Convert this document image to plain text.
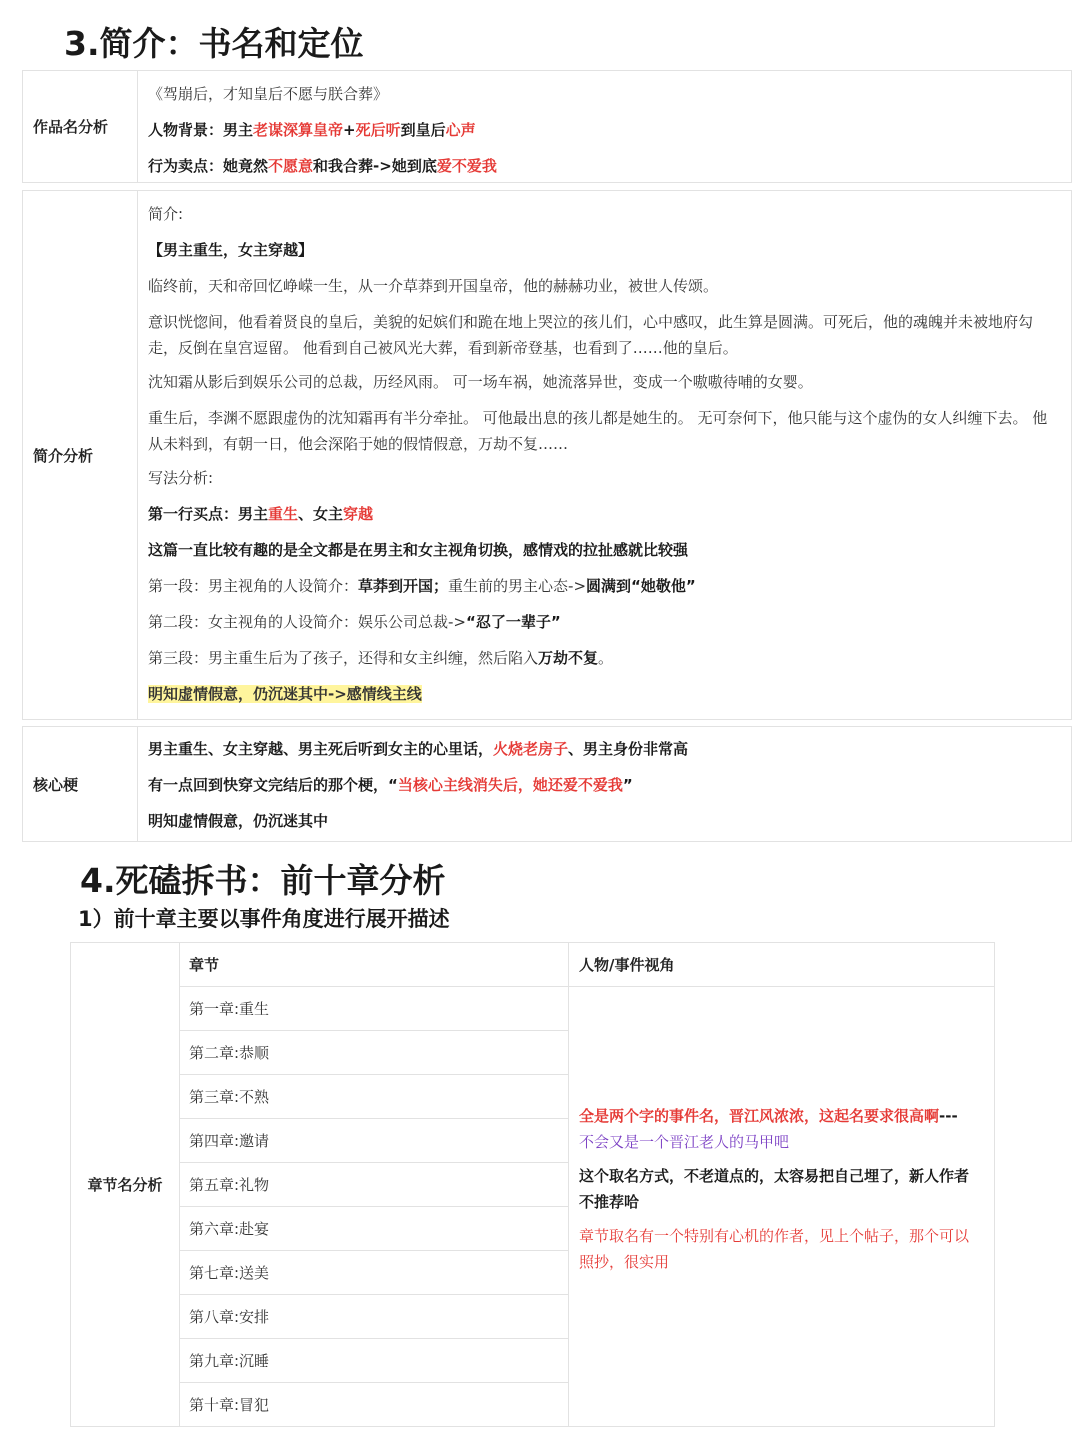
3.简介：书名和定位
作品名分析

《驾崩后，才知皇后不愿与朕合葬》

人物背景：男主老谋深算皇帝+死后听到皇后心声

行为卖点：她竟然不愿意和我合葬->她到底爱不爱我

简介分析

简介:

【男主重生，女主穿越】

临终前，天和帝回忆峥嵘一生，从一介草莽到开国皇帝，他的赫赫功业，被世人传颂。

意识恍惚间，他看着贤良的皇后，美貌的妃嫔们和跪在地上哭泣的孩儿们，心中感叹，此生算是圆满。可死后，他的魂魄并未被地府勾走，反倒在皇宫逗留。 他看到自己被风光大葬，看到新帝登基，也看到了……他的皇后。

沈知霜从影后到娱乐公司的总裁，历经风雨。 可一场车祸，她流落异世，变成一个嗷嗷待哺的女婴。

重生后，李渊不愿跟虚伪的沈知霜再有半分牵扯。 可他最出息的孩儿都是她生的。 无可奈何下，他只能与这个虚伪的女人纠缠下去。 他从未料到，有朝一日，他会深陷于她的假情假意，万劫不复……

写法分析:

第一行买点：男主重生、女主穿越

这篇一直比较有趣的是全文都是在男主和女主视角切换，感情戏的拉扯感就比较强

第一段：男主视角的人设简介：草莽到开国；重生前的男主心态->圆满到“她敬他”

第二段：女主视角的人设简介：娱乐公司总裁->“忍了一辈子”

第三段：男主重生后为了孩子，还得和女主纠缠，然后陷入万劫不复。

明知虚情假意，仍沉迷其中->感情线主线

核心梗

男主重生、女主穿越、男主死后听到女主的心里话，火烧老房子、男主身份非常高

有一点回到快穿文完结后的那个梗，“当核心主线消失后，她还爱不爱我”

明知虚情假意，仍沉迷其中

4.死磕拆书：前十章分析
1）前十章主要以事件角度进行展开描述
章节名分析
章节	人物/事件视角
第一章:重生
第二章:恭顺
第三章:不熟
第四章:邀请
第五章:礼物
第六章:赴宴
第七章:送美
第八章:安排
第九章:沉睡
第十章:冒犯

全是两个字的事件名，晋江风浓浓，这起名要求很高啊---
不会又是一个晋江老人的马甲吧

这个取名方式，不老道点的，太容易把自己埋了，新人作者不推荐哈

章节取名有一个特别有心机的作者，见上个帖子，那个可以照抄，很实用
